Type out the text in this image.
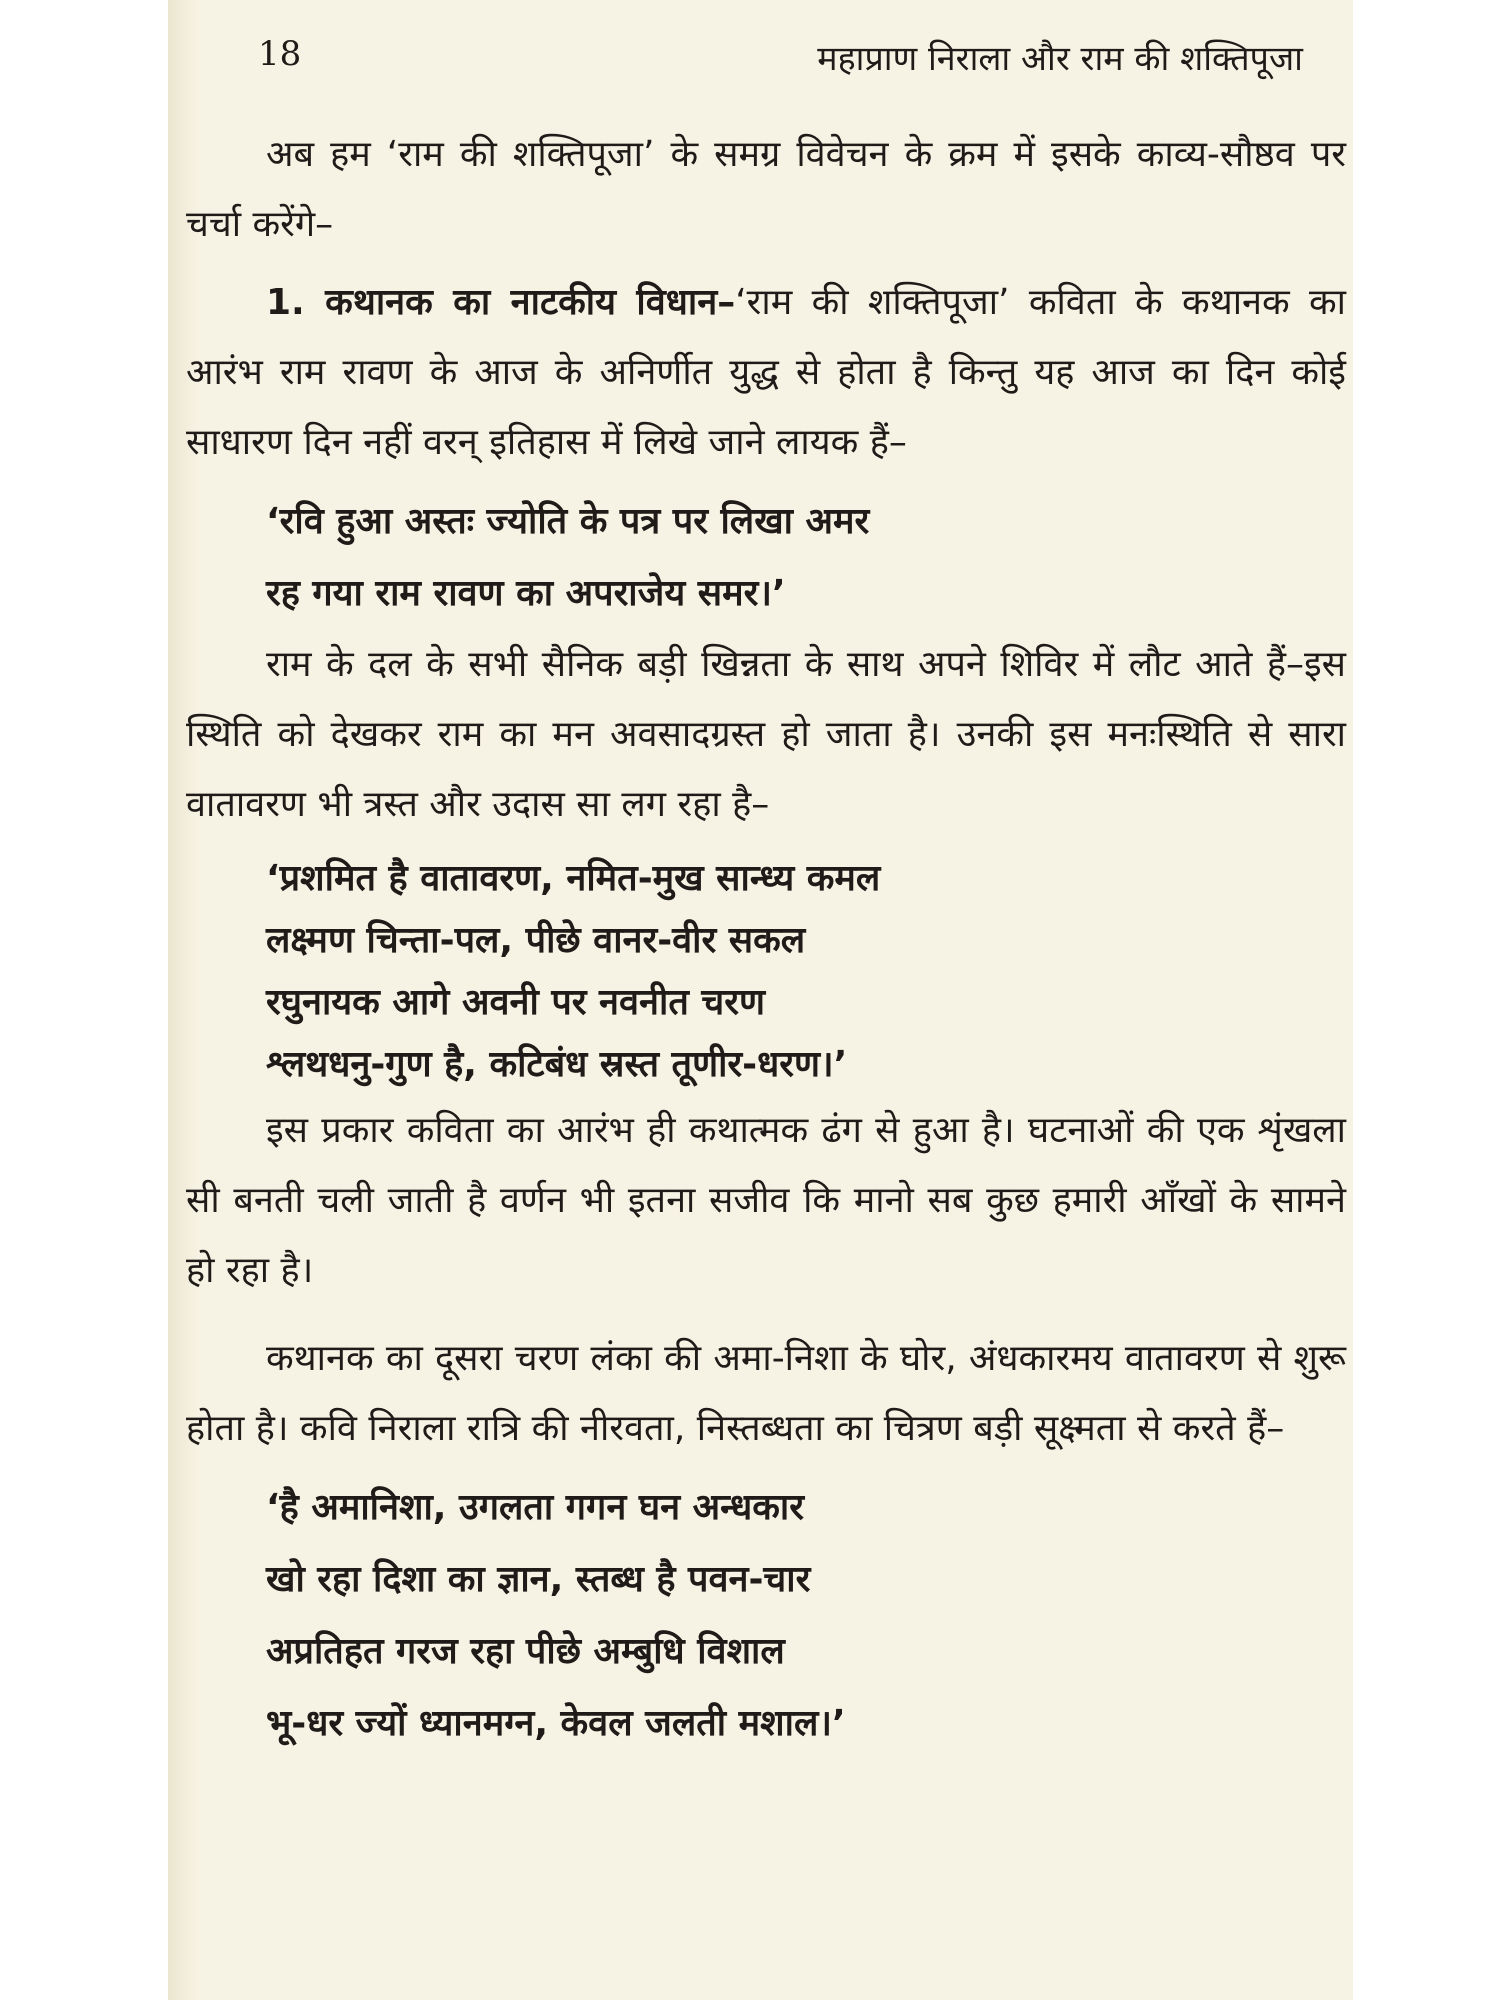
18	महाप्राण निराला और राम की शक्तिपूजा

अब हम ‘राम की शक्तिपूजा’ के समग्र विवेचन के क्रम में इसके काव्य-सौष्ठव पर चर्चा करेंगे–

1. कथानक का नाटकीय विधान–‘राम की शक्तिपूजा’ कविता के कथानक का आरंभ राम रावण के आज के अनिर्णीत युद्ध से होता है किन्तु यह आज का दिन कोई साधारण दिन नहीं वरन् इतिहास में लिखे जाने लायक हैं–

‘रवि हुआ अस्तः ज्योति के पत्र पर लिखा अमर

रह गया राम रावण का अपराजेय समर।’

राम के दल के सभी सैनिक बड़ी खिन्नता के साथ अपने शिविर में लौट आते हैं–इस स्थिति को देखकर राम का मन अवसादग्रस्त हो जाता है। उनकी इस मनःस्थिति से सारा वातावरण भी त्रस्त और उदास सा लग रहा है–

‘प्रशमित है वातावरण, नमित-मुख सान्ध्य कमल

लक्ष्मण चिन्ता-पल, पीछे वानर-वीर सकल

रघुनायक आगे अवनी पर नवनीत चरण

श्लथधनु-गुण है, कटिबंध स्रस्त तूणीर-धरण।’

इस प्रकार कविता का आरंभ ही कथात्मक ढंग से हुआ है। घटनाओं की एक शृंखला सी बनती चली जाती है वर्णन भी इतना सजीव कि मानो सब कुछ हमारी आँखों के सामने हो रहा है।

कथानक का दूसरा चरण लंका की अमा-निशा के घोर, अंधकारमय वातावरण से शुरू होता है। कवि निराला रात्रि की नीरवता, निस्तब्धता का चित्रण बड़ी सूक्ष्मता से करते हैं–

‘है अमानिशा, उगलता गगन घन अन्धकार

खो रहा दिशा का ज्ञान, स्तब्ध है पवन-चार

अप्रतिहत गरज रहा पीछे अम्बुधि विशाल

भू-धर ज्यों ध्यानमग्न, केवल जलती मशाल।’
